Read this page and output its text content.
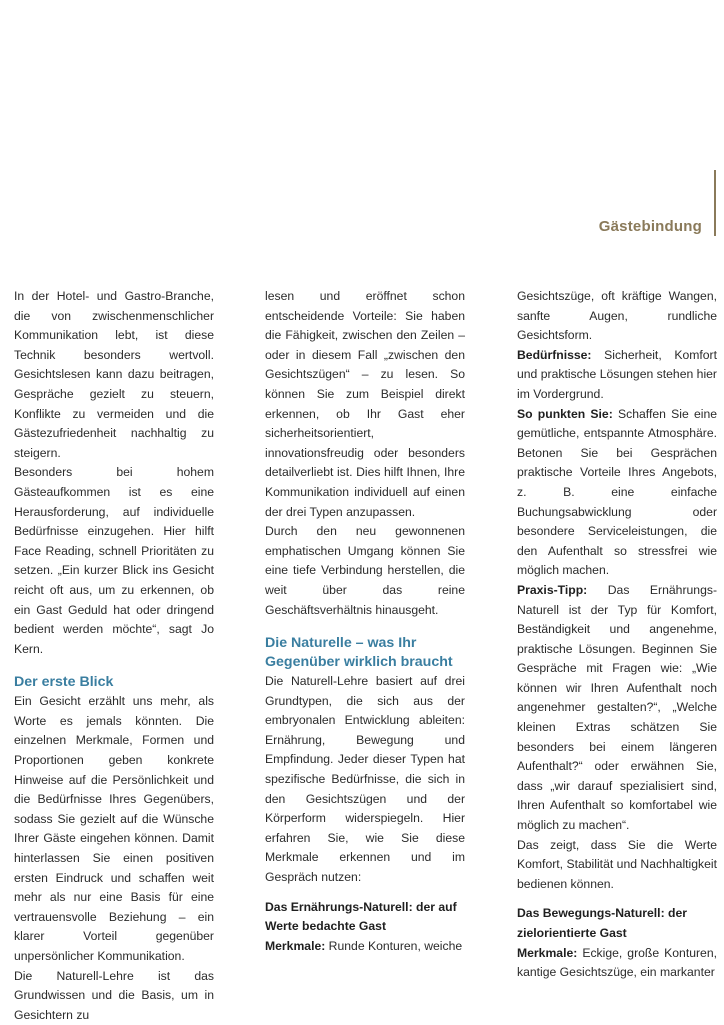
Gästebindung

In der Hotel- und Gastro-Branche, die von zwischenmenschlicher Kommunikation lebt, ist diese Technik besonders wertvoll. Gesichtslesen kann dazu beitragen, Gespräche gezielt zu steuern, Konflikte zu vermeiden und die Gästezufriedenheit nachhaltig zu steigern.

Besonders bei hohem Gästeaufkommen ist es eine Herausforderung, auf individuelle Bedürfnisse einzugehen. Hier hilft Face Reading, schnell Prioritäten zu setzen. „Ein kurzer Blick ins Gesicht reicht oft aus, um zu erkennen, ob ein Gast Geduld hat oder dringend bedient werden möchte“, sagt Jo Kern.

Der erste Blick

Ein Gesicht erzählt uns mehr, als Worte es jemals könnten. Die einzelnen Merkmale, Formen und Proportionen geben konkrete Hinweise auf die Persönlichkeit und die Bedürfnisse Ihres Gegenübers, sodass Sie gezielt auf die Wünsche Ihrer Gäste eingehen können. Damit hinterlassen Sie einen positiven ersten Eindruck und schaffen weit mehr als nur eine Basis für eine vertrauensvolle Beziehung – ein klarer Vorteil gegenüber unpersönlicher Kommunikation.

Die Naturell-Lehre ist das Grundwissen und die Basis, um in Gesichtern zu

lesen und eröffnet schon entscheidende Vorteile: Sie haben die Fähigkeit, zwischen den Zeilen – oder in diesem Fall „zwischen den Gesichtszügen“ – zu lesen. So können Sie zum Beispiel direkt erkennen, ob Ihr Gast eher sicherheitsorientiert, innovationsfreudig oder besonders detailverliebt ist. Dies hilft Ihnen, Ihre Kommunikation individuell auf einen der drei Typen anzupassen.

Durch den neu gewonnenen emphatischen Umgang können Sie eine tiefe Verbindung herstellen, die weit über das reine Geschäftsverhältnis hinausgeht.

Die Naturelle – was Ihr Gegenüber wirklich braucht

Die Naturell-Lehre basiert auf drei Grundtypen, die sich aus der embryonalen Entwicklung ableiten: Ernährung, Bewegung und Empfindung. Jeder dieser Typen hat spezifische Bedürfnisse, die sich in den Gesichtszügen und der Körperform widerspiegeln. Hier erfahren Sie, wie Sie diese Merkmale erkennen und im Gespräch nutzen:

Das Ernährungs-Naturell: der auf Werte bedachte Gast

Merkmale: Runde Konturen, weiche

Gesichtszüge, oft kräftige Wangen, sanfte Augen, rundliche Gesichtsform.

Bedürfnisse: Sicherheit, Komfort und praktische Lösungen stehen hier im Vordergrund.

So punkten Sie: Schaffen Sie eine gemütliche, entspannte Atmosphäre. Betonen Sie bei Gesprächen praktische Vorteile Ihres Angebots, z. B. eine einfache Buchungsabwicklung oder besondere Serviceleistungen, die den Aufenthalt so stressfrei wie möglich machen.

Praxis-Tipp: Das Ernährungs-Naturell ist der Typ für Komfort, Beständigkeit und angenehme, praktische Lösungen. Beginnen Sie Gespräche mit Fragen wie: „Wie können wir Ihren Aufenthalt noch angenehmer gestalten?“, „Welche kleinen Extras schätzen Sie besonders bei einem längeren Aufenthalt?“ oder erwähnen Sie, dass „wir darauf spezialisiert sind, Ihren Aufenthalt so komfortabel wie möglich zu machen“.

Das zeigt, dass Sie die Werte Komfort, Stabilität und Nachhaltigkeit bedienen können.

Das Bewegungs-Naturell: der zielorientierte Gast

Merkmale: Eckige, große Konturen, kantige Gesichtszüge, ein markanter
